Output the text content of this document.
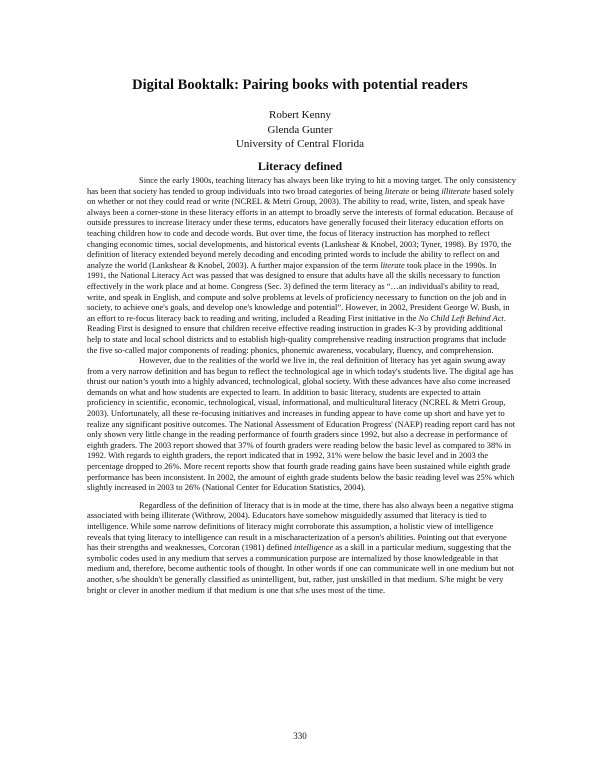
Digital Booktalk: Pairing books with potential readers
Robert Kenny
Glenda Gunter
University of Central Florida
Literacy defined

Since the early 1900s, teaching literacy has always been like trying to hit a moving target. The only consistency has been that society has tended to group individuals into two broad categories of being literate or being illiterate based solely on whether or not they could read or write (NCREL & Metri Group, 2003). The ability to read, write, listen, and speak have always been a corner-stone in these literacy efforts in an attempt to broadly serve the interests of formal education. Because of outside pressures to increase literacy under these terms, educators have generally focused their literacy education efforts on teaching children how to code and decode words. But over time, the focus of literacy instruction has morphed to reflect changing economic times, social developments, and historical events (Lankshear & Knobel, 2003; Tyner, 1998). By 1970, the definition of literacy extended beyond merely decoding and encoding printed words to include the ability to reflect on and analyze the world (Lankshear & Knobel, 2003). A further major expansion of the term literate took place in the 1990s. In 1991, the National Literacy Act was passed that was designed to ensure that adults have all the skills necessary to function effectively in the work place and at home. Congress (Sec. 3) defined the term literacy as “…an individual's ability to read, write, and speak in English, and compute and solve problems at levels of proficiency necessary to function on the job and in society, to achieve one's goals, and develop one's knowledge and potential”. However, in 2002, President George W. Bush, in an effort to re-focus literacy back to reading and writing, included a Reading First initiative in the No Child Left Behind Act. Reading First is designed to ensure that children receive effective reading instruction in grades K-3 by providing additional help to state and local school districts and to establish high-quality comprehensive reading instruction programs that include the five so-called major components of reading: phonics, phonemic awareness, vocabulary, fluency, and comprehension.

However, due to the realities of the world we live in, the real definition of literacy has yet again swung away from a very narrow definition and has begun to reflect the technological age in which today's students live. The digital age has thrust our nation’s youth into a highly advanced, technological, global society. With these advances have also come increased demands on what and how students are expected to learn. In addition to basic literacy, students are expected to attain proficiency in scientific, economic, technological, visual, informational, and multicultural literacy (NCREL & Metri Group, 2003). Unfortunately, all these re-focusing initiatives and increases in funding appear to have come up short and have yet to realize any significant positive outcomes. The National Assessment of Education Progress' (NAEP) reading report card has not only shown very little change in the reading performance of fourth graders since 1992, but also a decrease in performance of eighth graders. The 2003 report showed that 37% of fourth graders were reading below the basic level as compared to 38% in 1992. With regards to eighth graders, the report indicated that in 1992, 31% were below the basic level and in 2003 the percentage dropped to 26%. More recent reports show that fourth grade reading gains have been sustained while eighth grade performance has been inconsistent. In 2002, the amount of eighth grade students below the basic reading level was 25% which slightly increased in 2003 to 26% (National Center for Education Statistics, 2004).

Regardless of the definition of literacy that is in mode at the time, there has also always been a negative stigma associated with being illiterate (Withrow, 2004). Educators have somehow misguidedly assumed that literacy is tied to intelligence. While some narrow definitions of literacy might corroborate this assumption, a holistic view of intelligence reveals that tying literacy to intelligence can result in a mischaracterization of a person's abilities. Pointing out that everyone has their strengths and weaknesses, Corcoran (1981) defined intelligence as a skill in a particular medium, suggesting that the symbolic codes used in any medium that serves a communication purpose are internalized by those knowledgeable in that medium and, therefore, become authentic tools of thought. In other words if one can communicate well in one medium but not another, s/he shouldn't be generally classified as unintelligent, but, rather, just unskilled in that medium. S/he might be very bright or clever in another medium if that medium is one that s/he uses most of the time.

330
